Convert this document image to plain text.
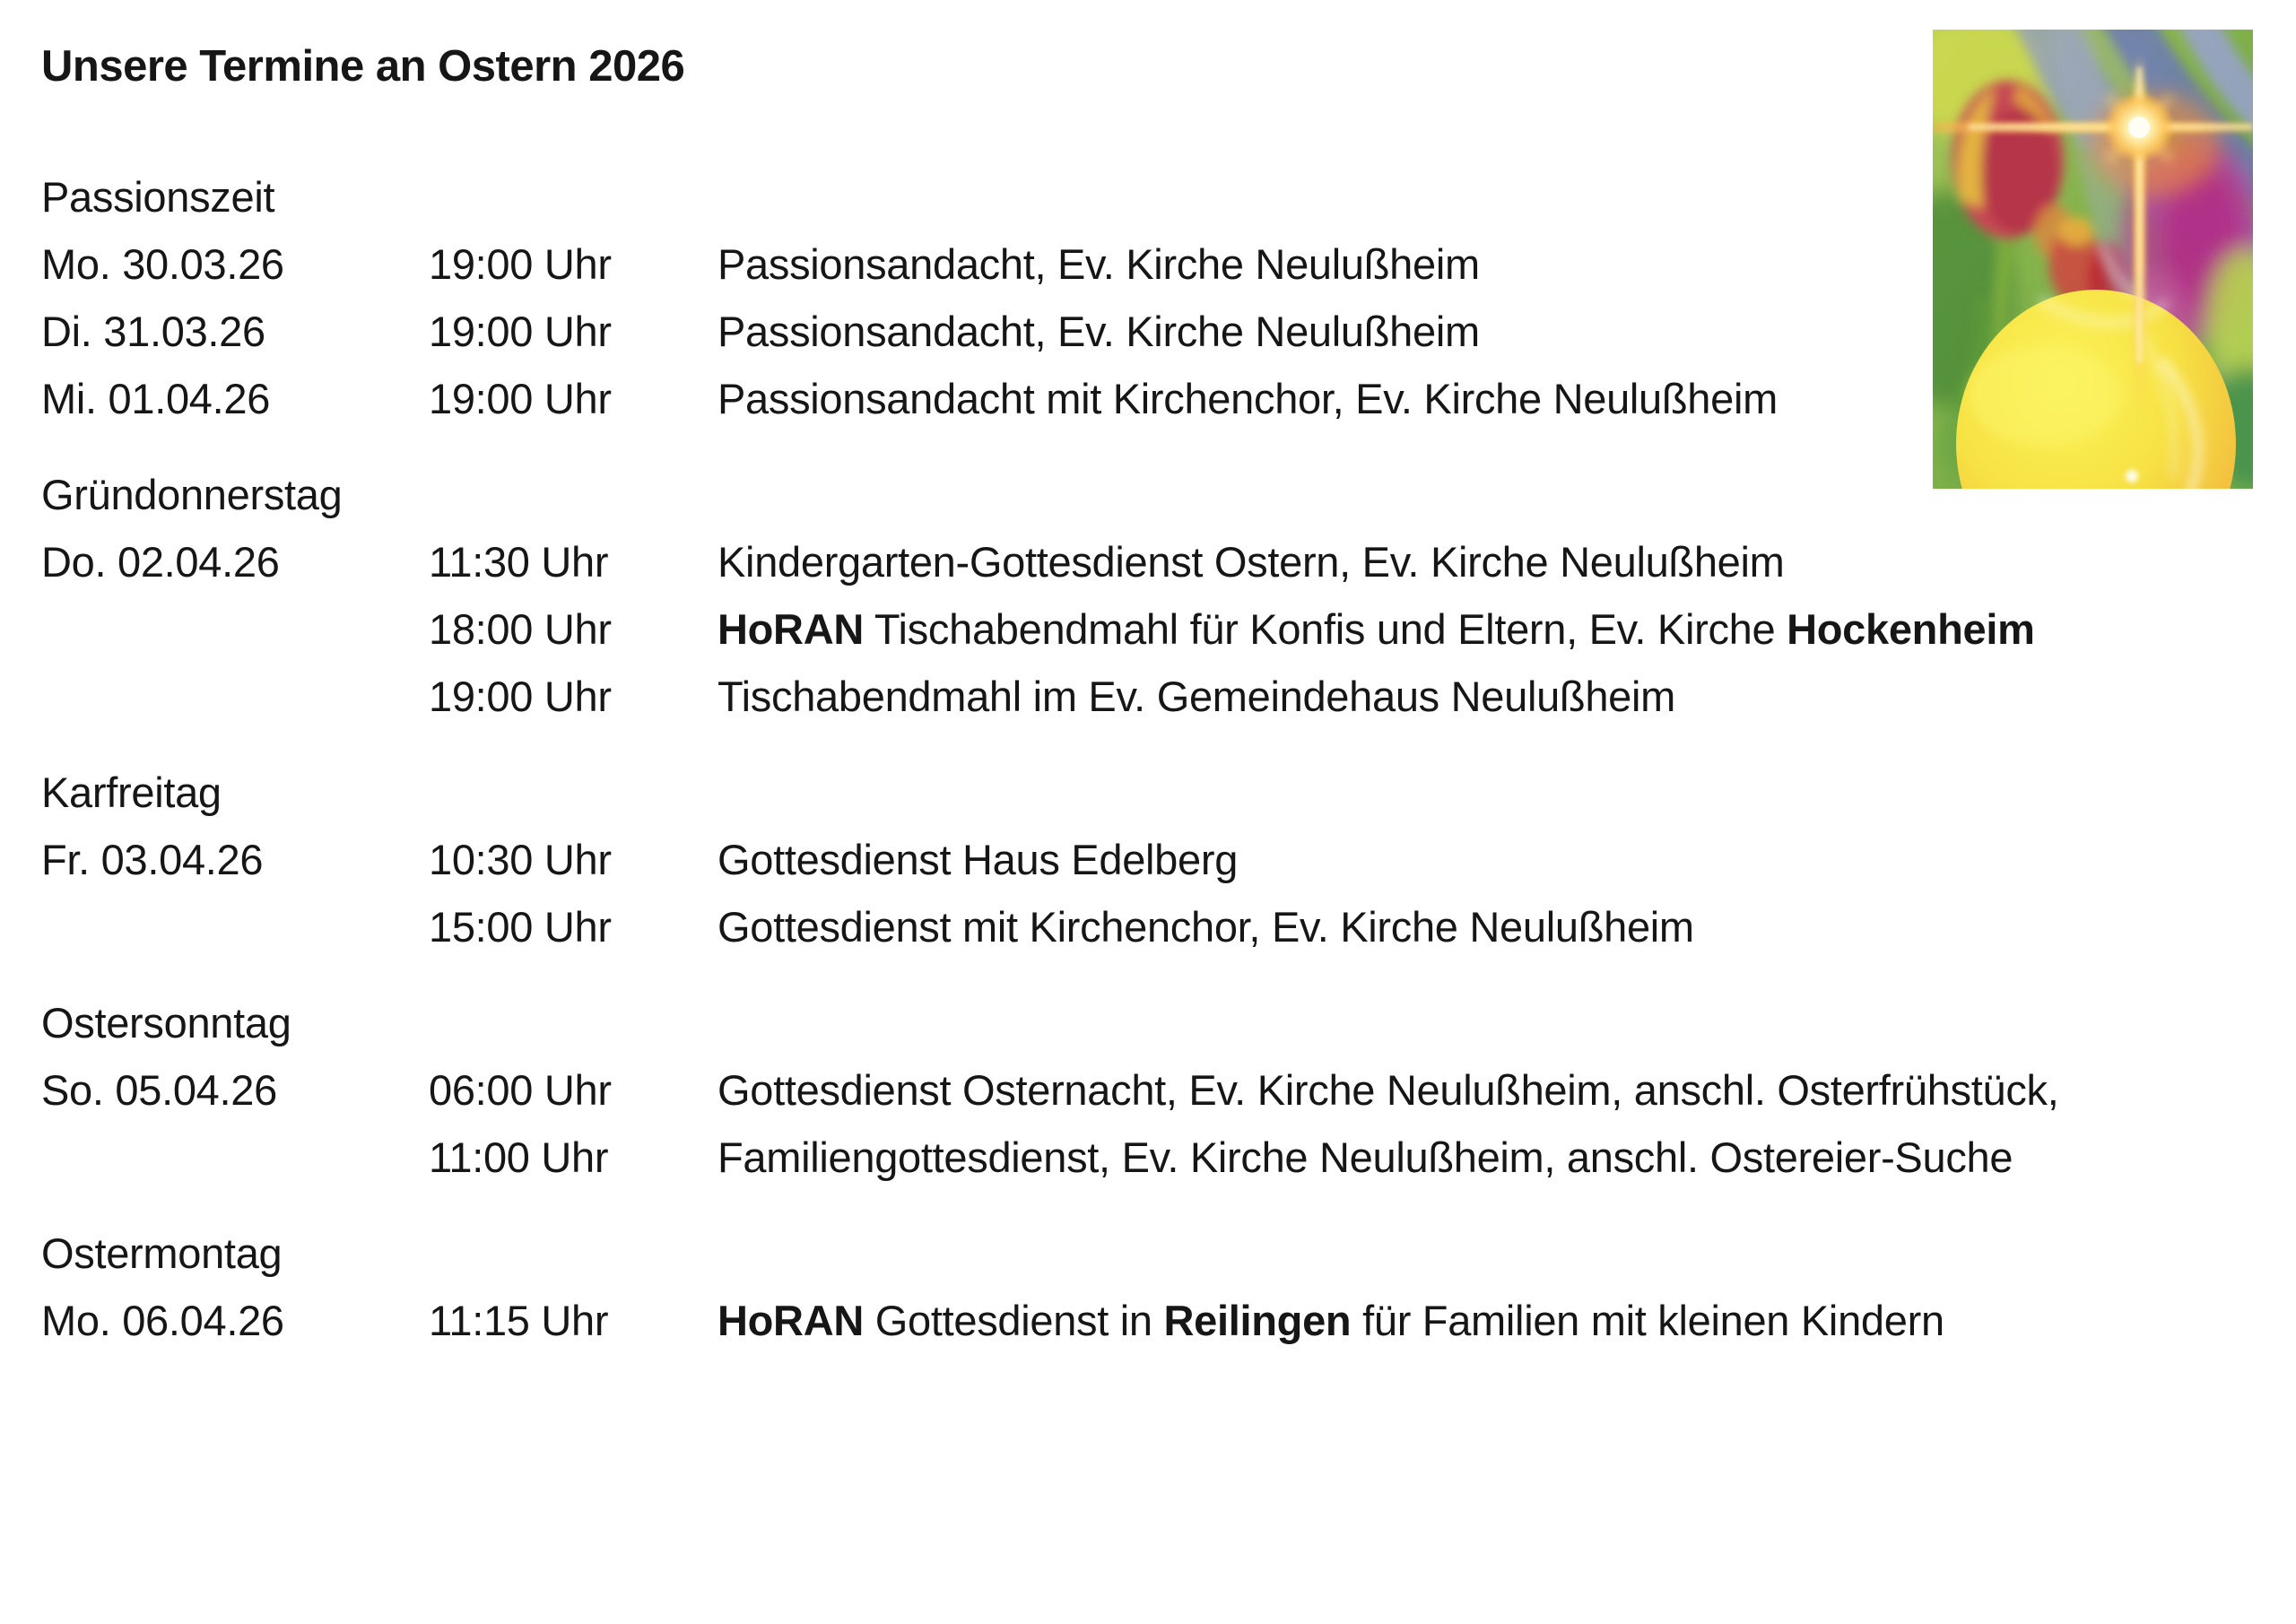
Unsere Termine an Ostern 2026
Passionszeit
Mo. 30.03.26	19:00 Uhr	Passionsandacht, Ev. Kirche Neulußheim
Di. 31.03.26	19:00 Uhr	Passionsandacht, Ev. Kirche Neulußheim
Mi. 01.04.26	19:00 Uhr	Passionsandacht mit Kirchenchor, Ev. Kirche Neulußheim
Gründonnerstag
Do. 02.04.26	11:30 Uhr	Kindergarten-Gottesdienst Ostern, Ev. Kirche Neulußheim
18:00 Uhr	HoRAN Tischabendmahl für Konfis und Eltern, Ev. Kirche Hockenheim
19:00 Uhr	Tischabendmahl im Ev. Gemeindehaus Neulußheim
Karfreitag
Fr. 03.04.26	10:30 Uhr	Gottesdienst Haus Edelberg
15:00 Uhr	Gottesdienst mit Kirchenchor, Ev. Kirche Neulußheim
Ostersonntag
So. 05.04.26	06:00 Uhr	Gottesdienst Osternacht, Ev. Kirche Neulußheim, anschl. Osterfrühstück,
11:00 Uhr	Familiengottesdienst, Ev. Kirche Neulußheim, anschl. Ostereier-Suche
Ostermontag
Mo. 06.04.26	11:15 Uhr	HoRAN Gottesdienst in Reilingen für Familien mit kleinen Kindern
